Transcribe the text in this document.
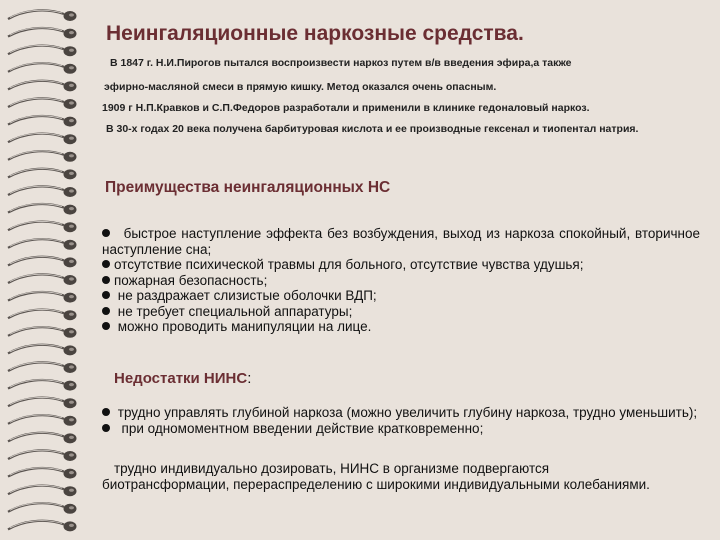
Неингаляционные наркозные средства.
В 1847 г. Н.И.Пирогов пытался воспроизвести наркоз путем в/в введения эфира,а также
эфирно-масляной смеси в прямую кишку. Метод оказался очень опасным.
1909 г Н.П.Кравков и С.П.Федоров разработали и применили в клинике гедоналовый наркоз.
В 30-х годах 20 века получена барбитуровая кислота и ее производные гексенал и тиопентал натрия.
Преимущества неингаляционных НС
быстрое наступление эффекта без возбуждения, выход из наркоза спокойный, вторичное наступление сна;
отсутствие психической травмы для больного, отсутствие чувства удушья;
пожарная безопасность;
не раздражает слизистые оболочки ВДП;
не требует специальной аппаратуры;
можно проводить манипуляции на лице.
Недостатки НИНС:
трудно управлять глубиной наркоза (можно увеличить глубину наркоза, трудно уменьшить);
при одномоментном введении действие кратковременно;
трудно индивидуально дозировать, НИНС в организме подвергаются биотрансформации, перераспределению с широкими индивидуальными колебаниями.
